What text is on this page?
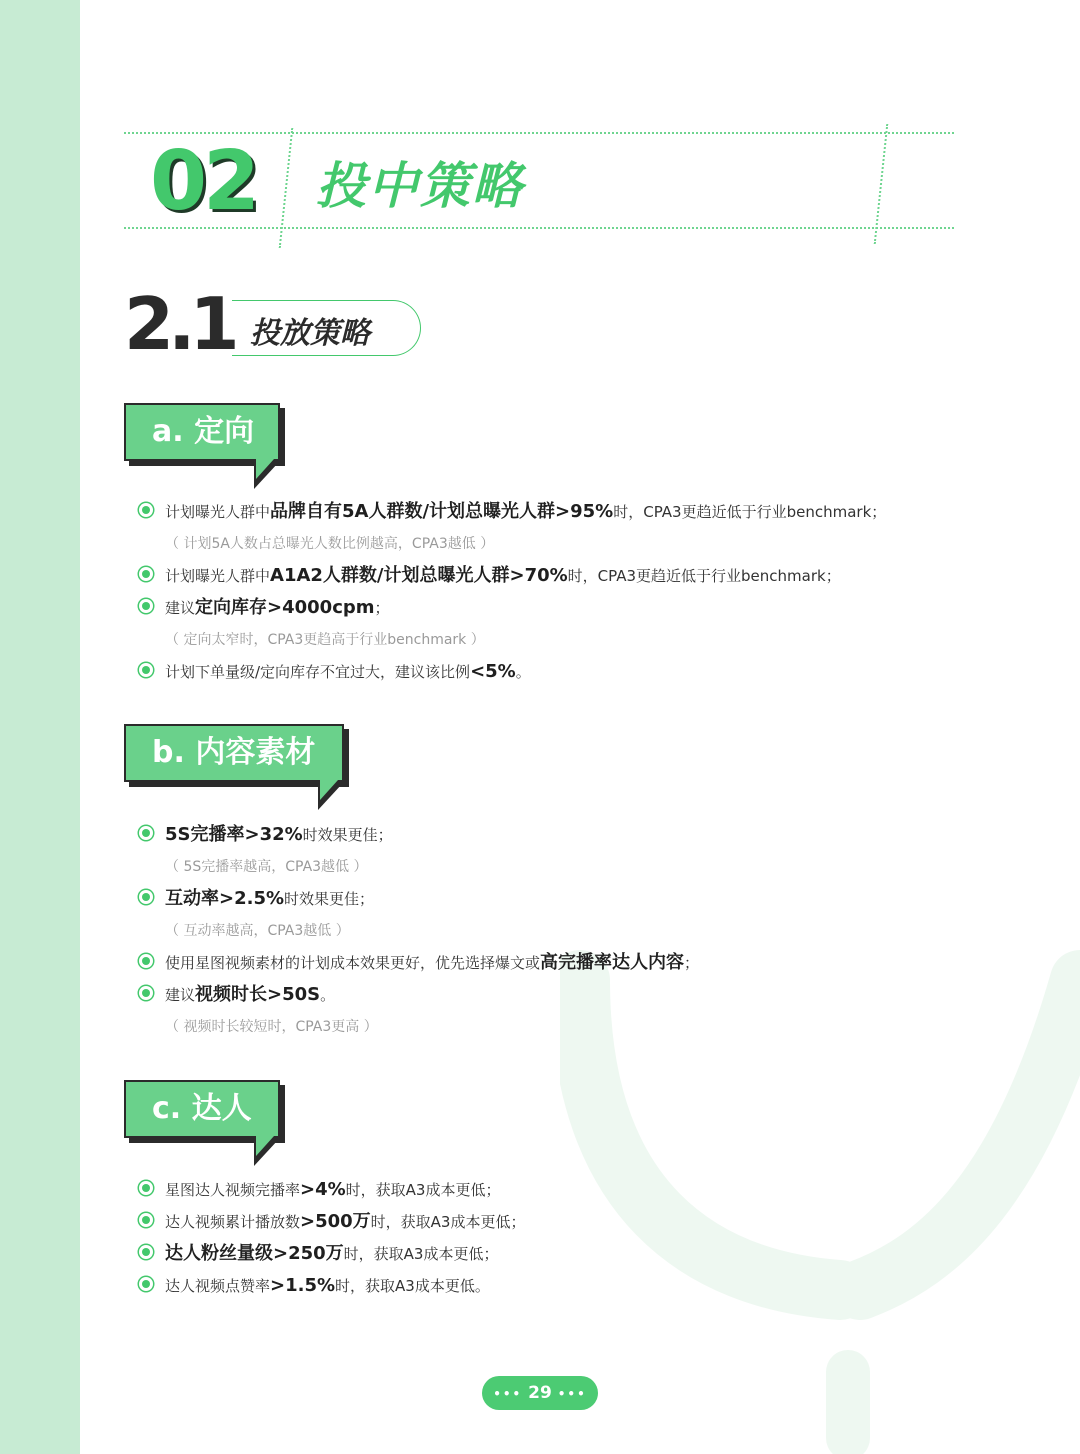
02 投中策略
2.1 投放策略
a. 定向
计划曝光人群中品牌自有5A人群数/计划总曝光人群>95%时，CPA3更趋近低于行业benchmark；
（ 计划5A人数占总曝光人数比例越高，CPA3越低 ）
计划曝光人群中A1A2人群数/计划总曝光人群>70%时，CPA3更趋近低于行业benchmark；
建议定向库存>4000cpm；
（ 定向太窄时，CPA3更趋高于行业benchmark ）
计划下单量级/定向库存不宜过大，建议该比例<5%。
b. 内容素材
5S完播率>32%时效果更佳；
（ 5S完播率越高，CPA3越低 ）
互动率>2.5%时效果更佳；
（ 互动率越高，CPA3越低 ）
使用星图视频素材的计划成本效果更好，优先选择爆文或高完播率达人内容；
建议视频时长>50S。
（ 视频时长较短时，CPA3更高 ）
c. 达人
星图达人视频完播率>4%时，获取A3成本更低；
达人视频累计播放数>500万时，获取A3成本更低；
达人粉丝量级>250万时，获取A3成本更低；
达人视频点赞率>1.5%时，获取A3成本更低。
••• 29 •••
